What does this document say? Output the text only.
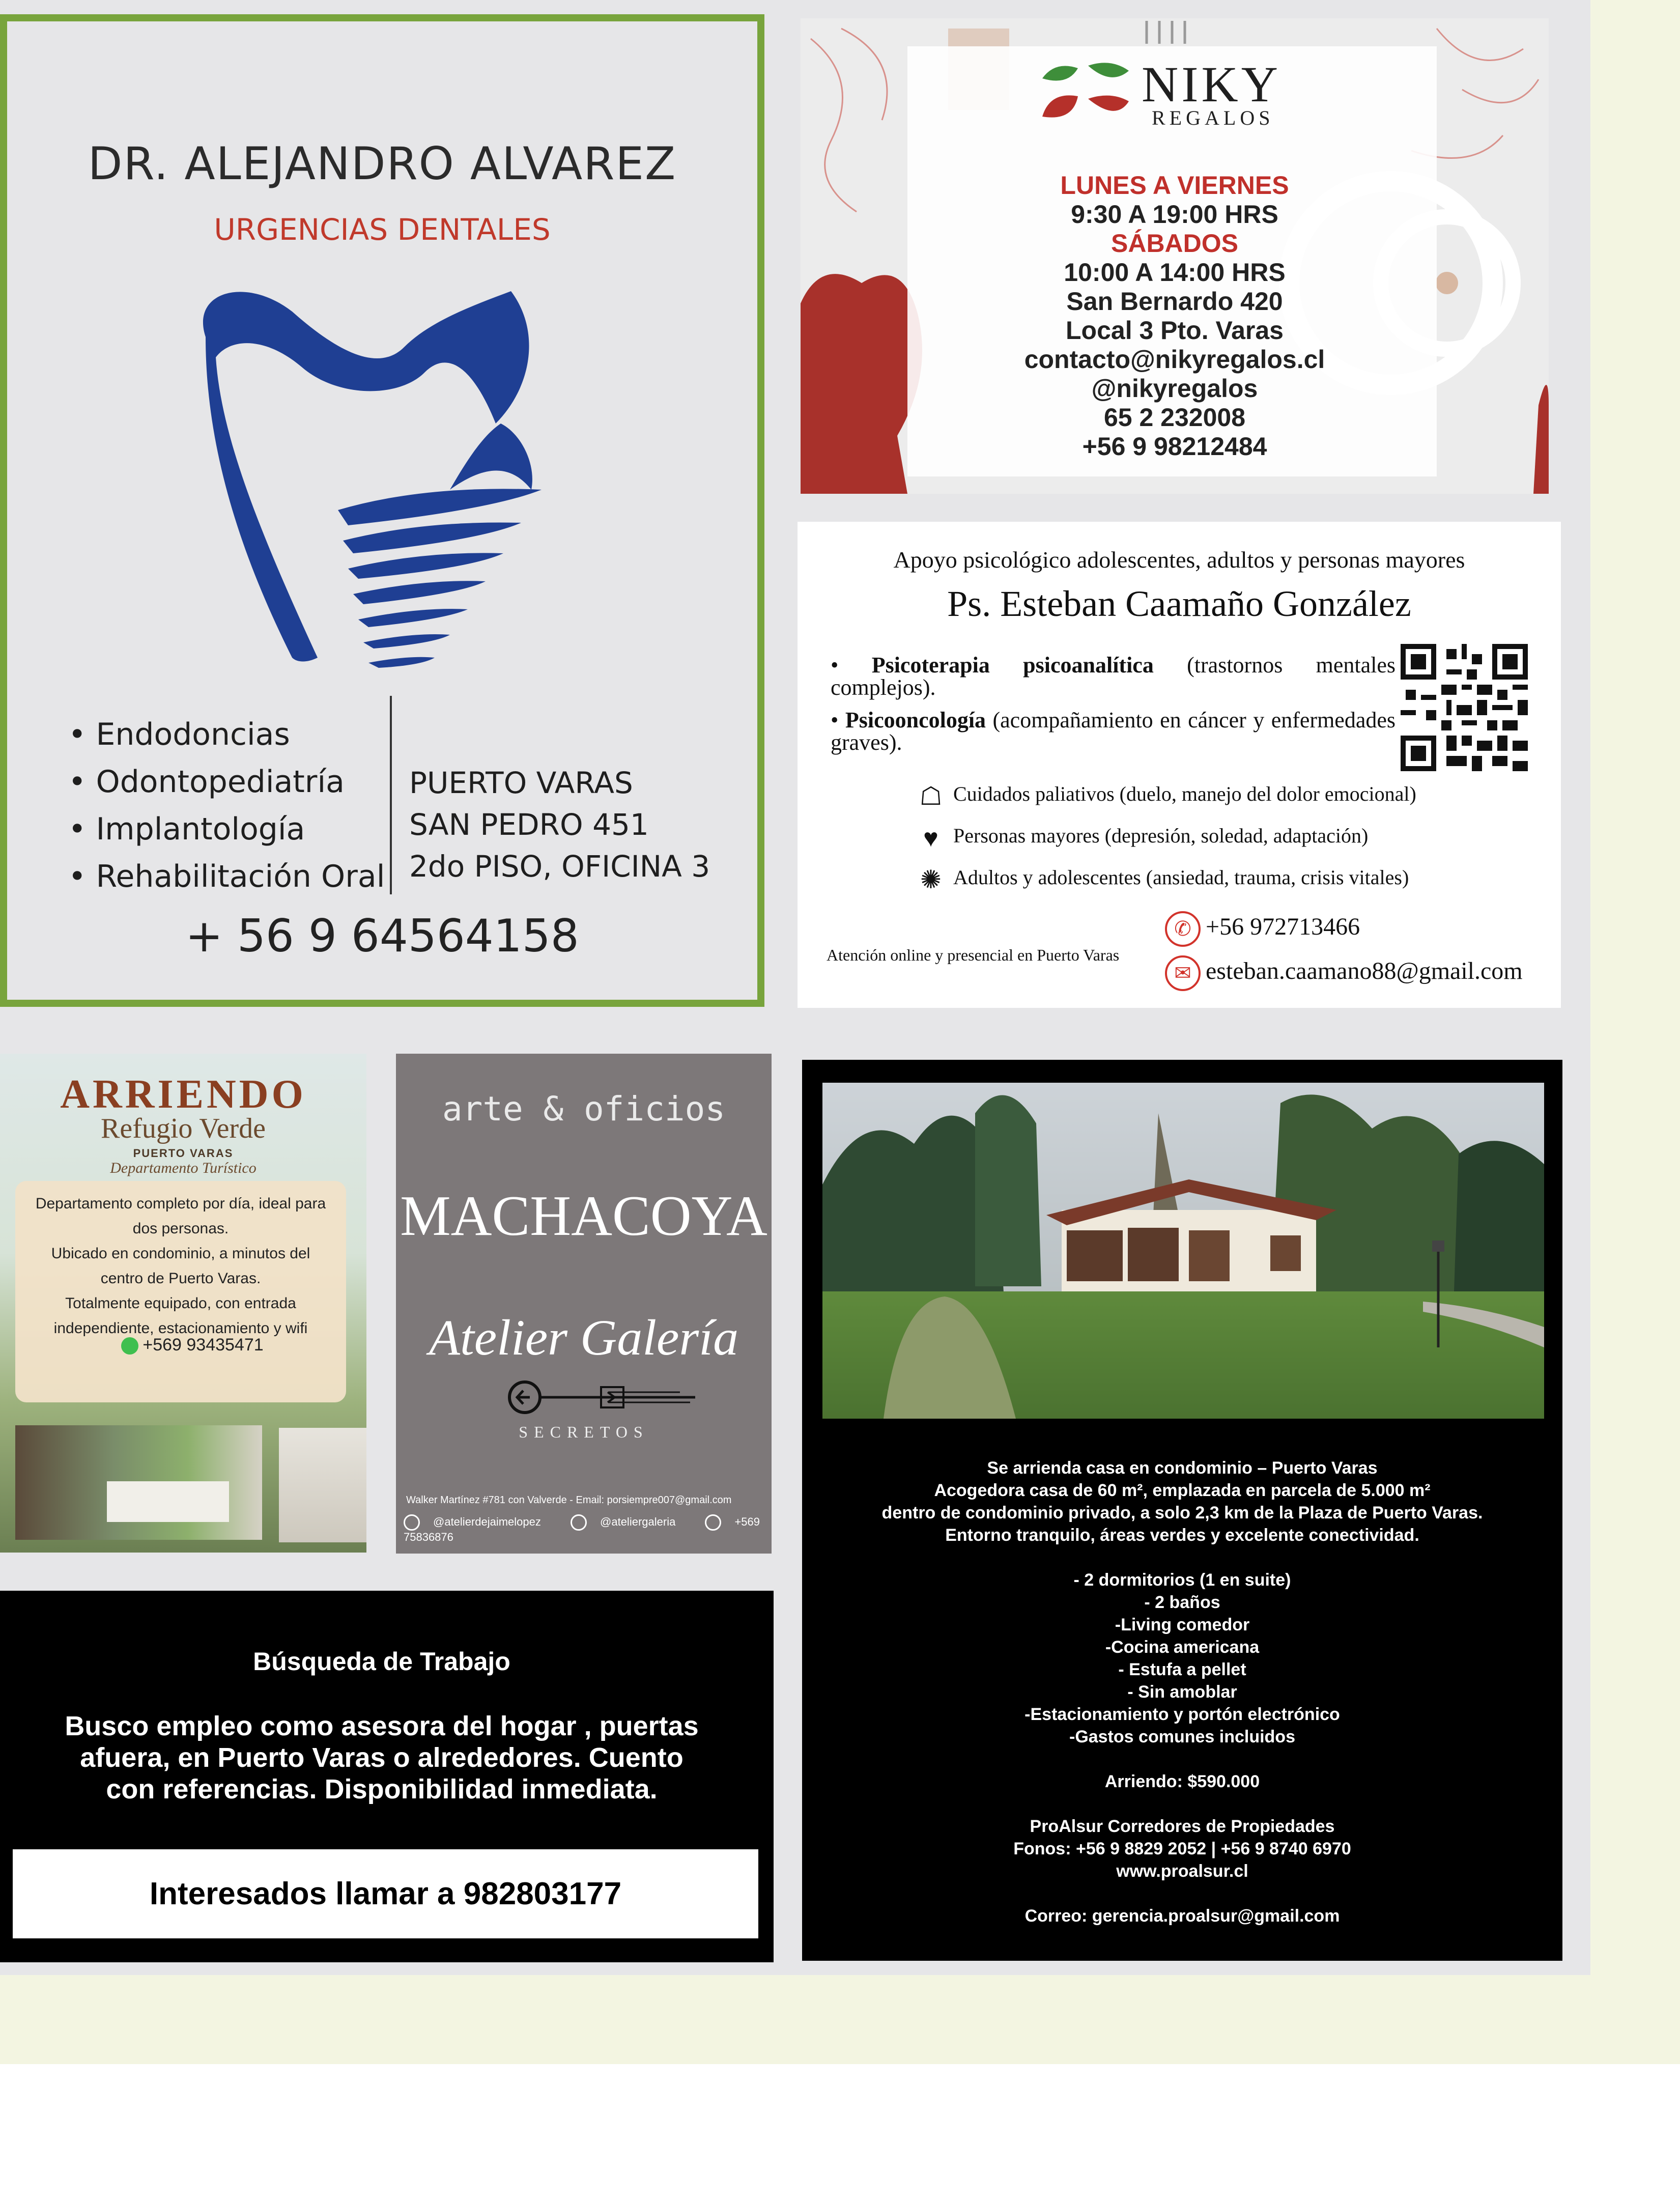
DR. ALEJANDRO ALVAREZ
URGENCIAS DENTALES
• Endodoncias
• Odontopediatría
• Implantología
• Rehabilitación Oral
PUERTO VARAS
SAN PEDRO 451
2do PISO, OFICINA 3
+ 56 9 64564158
NIKY
REGALOS
LUNES A VIERNES
9:30 A 19:00 HRS
SÁBADOS
10:00 A 14:00 HRS
San Bernardo 420
Local 3 Pto. Varas
contacto@nikyregalos.cl
@nikyregalos
65 2 232008
+56 9 98212484
Apoyo psicológico adolescentes, adultos y personas mayores
Ps. Esteban Caamaño González
• Psicoterapia psicoanalítica (trastornos mentales complejos).
• Psicooncología (acompañamiento en cáncer y enfermedades graves).
☖ Cuidados paliativos (duelo, manejo del dolor emocional)
♥ Personas mayores (depresión, soledad, adaptación)
✺ Adultos y adolescentes (ansiedad, trauma, crisis vitales)
Atención online y presencial en Puerto Varas
✆ +56 972713466
✉ esteban.caamano88@gmail.com
ARRIENDO
Refugio Verde
PUERTO VARAS
Departamento Turístico
Departamento completo por día, ideal para
dos personas.
Ubicado en condominio, a minutos del
centro de Puerto Varas.
Totalmente equipado, con entrada
independiente, estacionamiento y wifi
+569 93435471
arte & oficios
MACHACOYA
Atelier Galería
SECRETOS
Walker Martínez #781 con Valverde - Email: porsiempre007@gmail.com
@atelierdejaimelopez	@ateliergaleria	+569 75836876
Se arrienda casa en condominio – Puerto Varas
Acogedora casa de 60 m², emplazada en parcela de 5.000 m²
dentro de condominio privado, a solo 2,3 km de la Plaza de Puerto Varas.
Entorno tranquilo, áreas verdes y excelente conectividad.
- 2 dormitorios (1 en suite)
- 2 baños
-Living comedor
-Cocina americana
- Estufa a pellet
- Sin amoblar
-Estacionamiento y portón electrónico
-Gastos comunes incluidos
Arriendo: $590.000
ProAlsur Corredores de Propiedades
Fonos: +56 9 8829 2052 | +56 9 8740 6970
www.proalsur.cl
Correo: gerencia.proalsur@gmail.com
Búsqueda de Trabajo
Busco empleo como asesora del hogar , puertas
afuera, en Puerto Varas o alrededores. Cuento
con referencias. Disponibilidad inmediata.
Interesados llamar a 982803177
